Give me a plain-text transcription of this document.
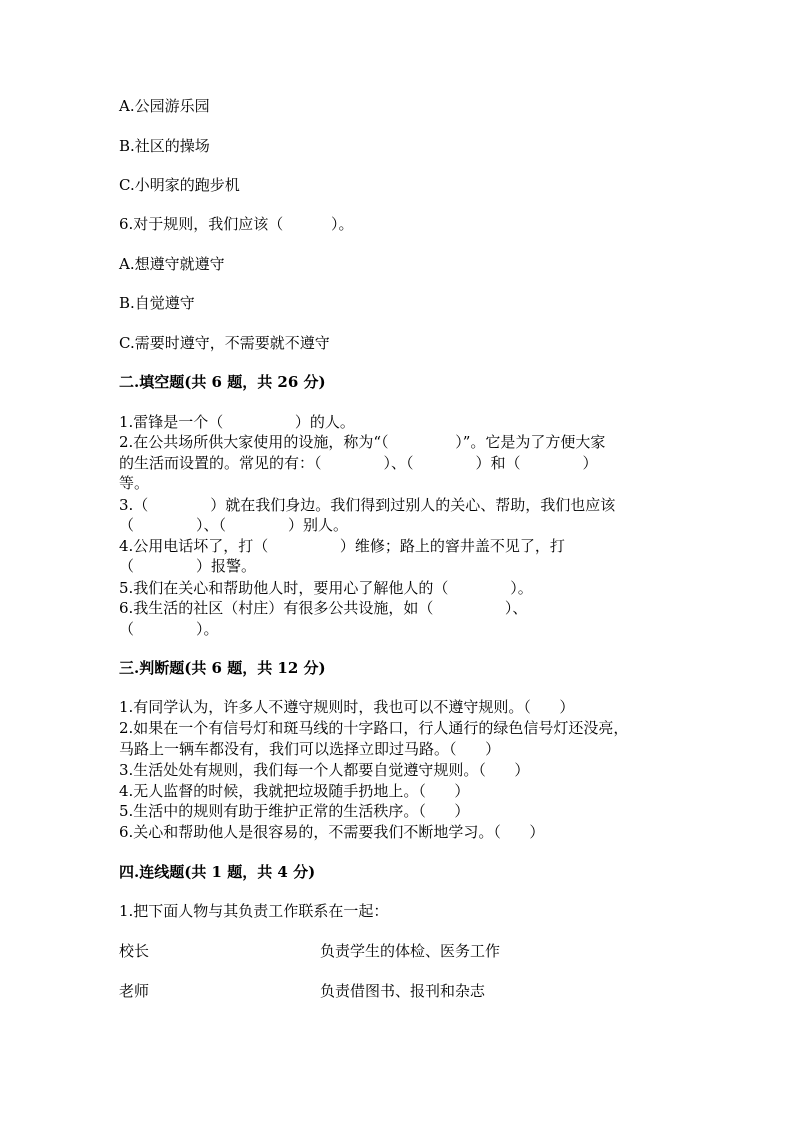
A.公园游乐园
B.社区的操场
C.小明家的跑步机
6.对于规则，我们应该（          ）。
A.想遵守就遵守
B.自觉遵守
C.需要时遵守，不需要就不遵守
二.填空题(共 6 题，共 26 分)
1.雷锋是一个（               ）的人。
2.在公共场所供大家使用的设施，称为“（              ）”。它是为了方便大家
的生活而设置的。常见的有：（             ）、（             ）和（             ）
等。
3.（             ）就在我们身边。我们得到过别人的关心、帮助，我们也应该
（             ）、（             ）别人。
4.公用电话坏了，打（               ）维修；路上的窨井盖不见了，打
（             ）报警。
5.我们在关心和帮助他人时，要用心了解他人的（             ）。
6.我生活的社区（村庄）有很多公共设施，如（               ）、
（             ）。
三.判断题(共 6 题，共 12 分)
1.有同学认为，许多人不遵守规则时，我也可以不遵守规则。（      ）
2.如果在一个有信号灯和斑马线的十字路口，行人通行的绿色信号灯还没亮，
马路上一辆车都没有，我们可以选择立即过马路。（      ）
3.生活处处有规则，我们每一个人都要自觉遵守规则。（      ）
4.无人监督的时候，我就把垃圾随手扔地上。（      ）
5.生活中的规则有助于维护正常的生活秩序。（      ）
6.关心和帮助他人是很容易的，不需要我们不断地学习。（      ）
四.连线题(共 1 题，共 4 分)
1.把下面人物与其负责工作联系在一起：
校长	负责学生的体检、医务工作
老师	负责借图书、报刊和杂志
